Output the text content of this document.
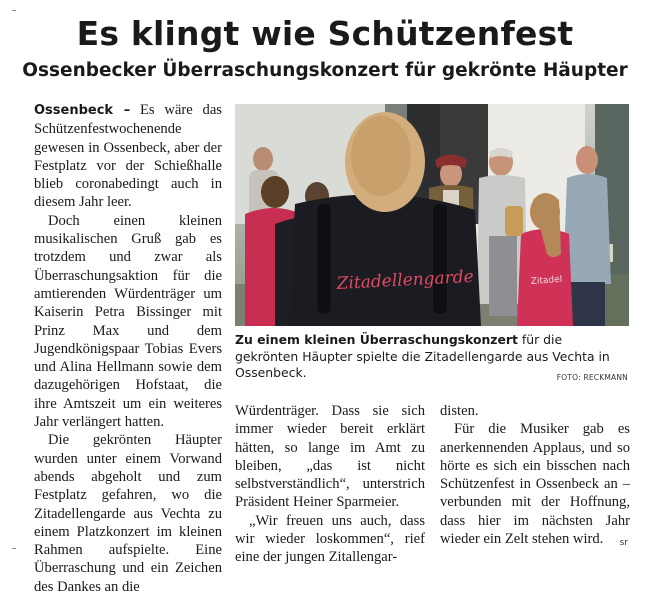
Es klingt wie Schützenfest
Ossenbecker Überraschungskonzert für gekrönte Häupter

Ossenbeck – Es wäre das Schützenfestwochenende gewesen in Ossenbeck, aber der Festplatz vor der Schießhalle blieb coronabedingt auch in diesem Jahr leer.

Doch einen kleinen musikalischen Gruß gab es trotzdem und zwar als Überraschungsaktion für die amtierenden Würdenträger um Kaiserin Petra Bissinger mit Prinz Max und dem Jugendkönigspaar Tobias Evers und Alina Hellmann sowie dem dazugehörigen Hofstaat, die ihre Amtszeit um ein weiteres Jahr verlängert hatten.

Die gekrönten Häupter wurden unter einem Vorwand abends abgeholt und zum Festplatz gefahren, wo die Zitadellengarde aus Vechta zu einem Platzkonzert im kleinen Rahmen aufspielte. Eine Überraschung und ein Zeichen des Dankes an die

Zitadel
Zitadellengarde

Zu einem kleinen Überraschungskonzert für die gekrönten Häupter spielte die Zitadellengarde aus Vechta in Ossenbeck.	FOTO: RECKMANN

Würdenträger. Dass sie sich immer wieder bereit erklärt hätten, so lange im Amt zu bleiben, „das ist nicht selbstverständlich“, unterstrich Präsident Heiner Sparmeier.

„Wir freuen uns auch, dass wir wieder loskommen“, rief eine der jungen Zitallengar-

disten.

Für die Musiker gab es anerkennenden Applaus, und so hörte es sich ein bisschen nach Schützenfest in Ossenbeck an – verbunden mit der Hoffnung, dass hier im nächsten Jahr wieder ein Zelt stehen wird.	sr
